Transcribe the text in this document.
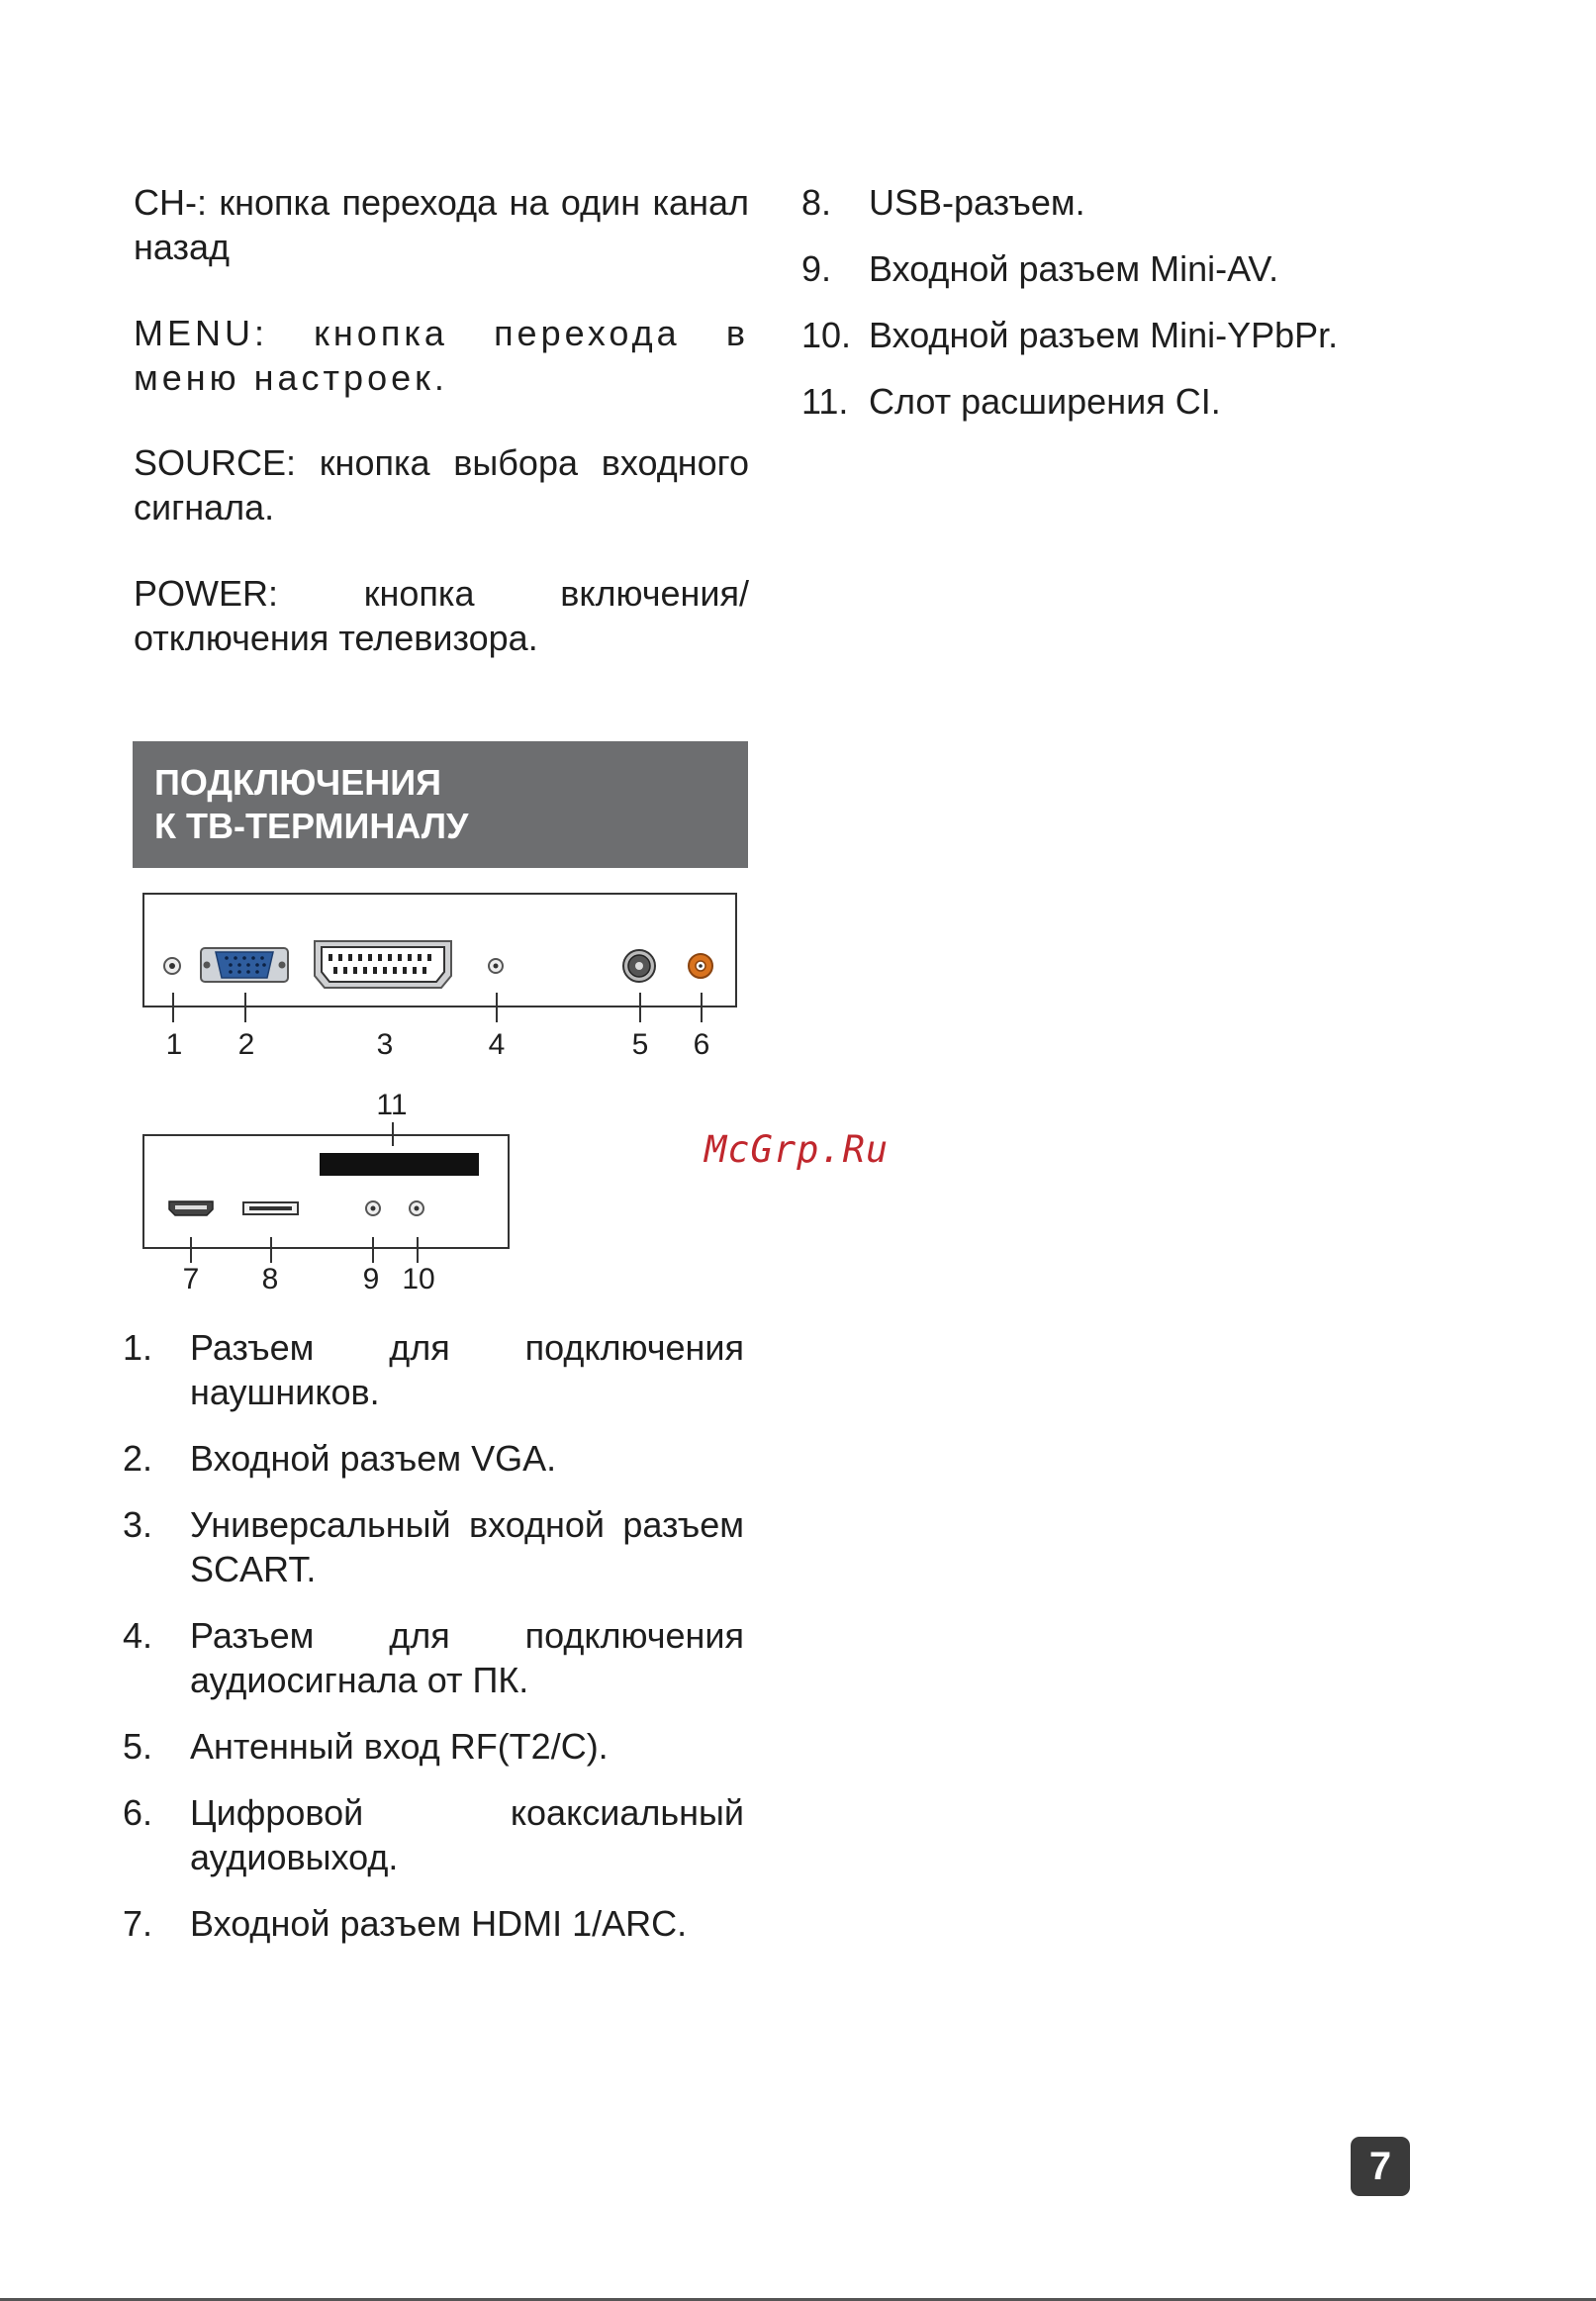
CH-: кнопка перехода на один канал назад
MENU: кнопка перехода в меню настроек.
SOURCE: кнопка выбора входного сигнала.
POWER: кнопка включения/отключения телевизора.
8. USB-разъем.
9. Входной разъем Mini-AV.
10. Входной разъем Mini-YPbPr.
11. Слот расширения CI.
ПОДКЛЮЧЕНИЯ
К ТВ-ТЕРМИНАЛУ
1	2	3	4	5	6
11
7	8	9 10
McGrp.Ru
1. Разъем для подключения наушников.
2. Входной разъем VGA.
3. Универсальный входной разъем SCART.
4. Разъем для подключения аудиосигнала от ПК.
5. Антенный вход RF(T2/C).
6. Цифровой коаксиальный аудиовыход.
7. Входной разъем HDMI 1/ARC.
7
